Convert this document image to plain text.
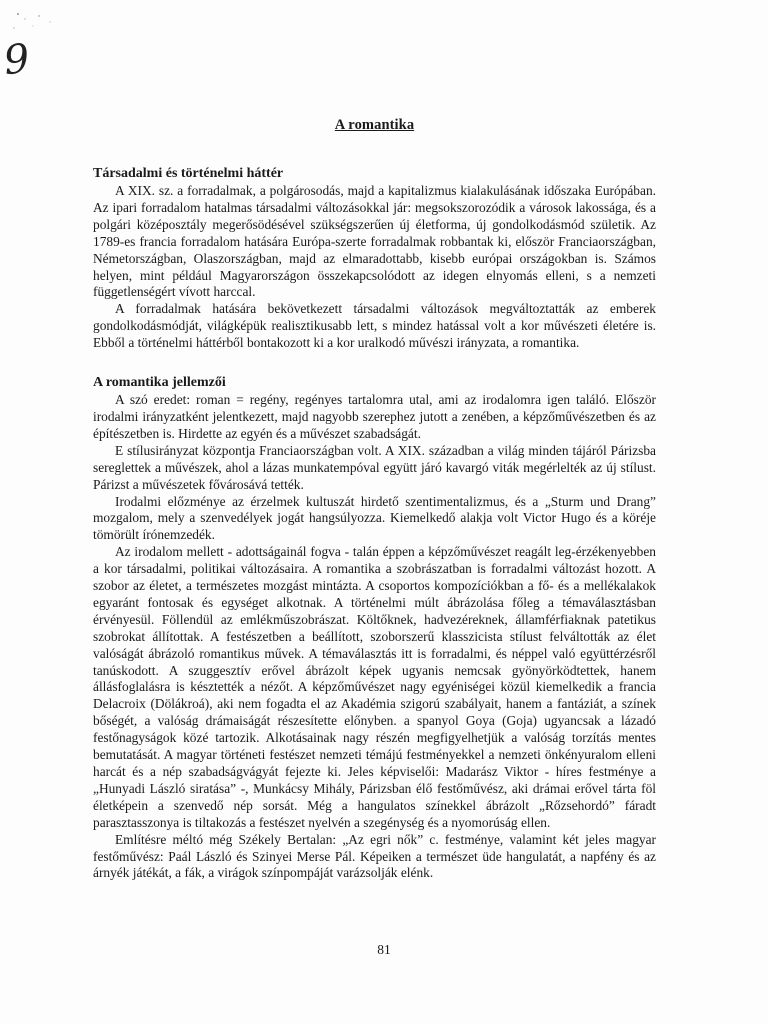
9
A romantika
Társadalmi és történelmi háttér

A XIX. sz. a forradalmak, a polgárosodás, majd a kapitalizmus kialakulásának időszaka Európában. Az ipari forradalom hatalmas társadalmi változásokkal jár: megsokszorozódik a városok lakossága, és a polgári középosztály megerősödésével szükségszerűen új életforma, új gondolkodásmód születik. Az 1789-es francia forradalom hatására Európa-szerte forradalmak robbantak ki, először Franciaországban, Németországban, Olaszországban, majd az elmaradottabb, kisebb európai országokban is. Számos helyen, mint például Magyarországon összekapcsolódott az idegen elnyomás elleni, s a nemzeti függetlenségért vívott harccal.

A forradalmak hatására bekövetkezett társadalmi változások megváltoztatták az emberek gondolkodásmódját, világképük realisztikusabb lett, s mindez hatással volt a kor művészeti életére is. Ebből a történelmi háttérből bontakozott ki a kor uralkodó művészi irányzata, a romantika.

A romantika jellemzői

A szó eredet: roman = regény, regényes tartalomra utal, ami az irodalomra igen találó. Először irodalmi irányzatként jelentkezett, majd nagyobb szerephez jutott a zenében, a képzőművészetben és az építészetben is. Hirdette az egyén és a művészet szabadságát.

E stílusirányzat központja Franciaországban volt. A XIX. században a világ minden tájáról Párizsba sereglettek a művészek, ahol a lázas munkatempóval együtt járó kavargó viták megérlelték az új stílust. Párizst a művészetek fővárosává tették.

Irodalmi előzménye az érzelmek kultuszát hirdető szentimentalizmus, és a „Sturm und Drang” mozgalom, mely a szenvedélyek jogát hangsúlyozza. Kiemelkedő alakja volt Victor Hugo és a köréje tömörült írónemzedék.

Az irodalom mellett - adottságainál fogva - talán éppen a képzőművészet reagált leg-érzékenyebben a kor társadalmi, politikai változásaira. A romantika a szobrászatban is forradalmi változást hozott. A szobor az életet, a természetes mozgást mintázta. A csoportos kompozíciókban a fő- és a mellékalakok egyaránt fontosak és egységet alkotnak. A történelmi múlt ábrázolása főleg a témaválasztásban érvényesül. Föllendül az emlékműszobrászat. Költőknek, hadvezéreknek, államférfiaknak patetikus szobrokat állítottak. A festészetben a beállított, szoborszerű klasszicista stílust felváltották az élet valóságát ábrázoló romantikus művek. A témaválasztás itt is forradalmi, és néppel való együttérzésről tanúskodott. A szuggesztív erővel ábrázolt képek ugyanis nemcsak gyönyörködtettek, hanem állásfoglalásra is késztették a nézőt. A képzőművészet nagy egyéniségei közül kiemelkedik a francia Delacroix (Dölákroá), aki nem fogadta el az Akadémia szigorú szabályait, hanem a fantáziát, a színek bőségét, a valóság drámaiságát részesítette előnyben. a spanyol Goya (Goja) ugyancsak a lázadó festőnagyságok közé tartozik. Alkotásainak nagy részén megfigyelhetjük a valóság torzítás mentes bemutatását. A magyar történeti festészet nemzeti témájú festményekkel a nemzeti önkényuralom elleni harcát és a nép szabadságvágyát fejezte ki. Jeles képviselői: Madarász Viktor - híres festménye a „Hunyadi László siratása” -, Munkácsy Mihály, Párizsban élő festőművész, aki drámai erővel tárta föl életképein a szenvedő nép sorsát. Még a hangulatos színekkel ábrázolt „Rőzsehordó” fáradt parasztasszonya is tiltakozás a festészet nyelvén a szegénység és a nyomorúság ellen.

Említésre méltó még Székely Bertalan: „Az egri nők” c. festménye, valamint két jeles magyar festőművész: Paál László és Szinyei Merse Pál. Képeiken a természet üde hangulatát, a napfény és az árnyék játékát, a fák, a virágok színpompáját varázsolják elénk.

81
